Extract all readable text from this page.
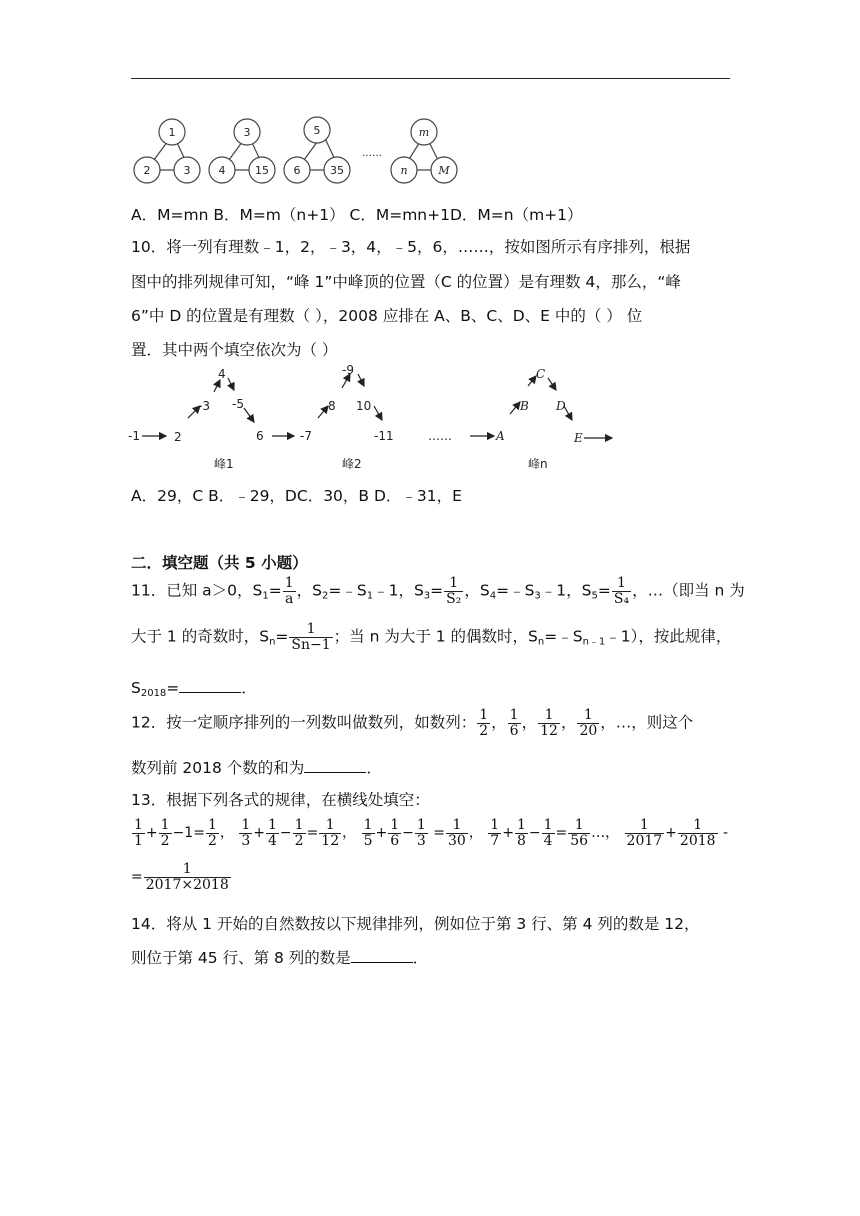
1
2	3
3
4	15
5
6	35
……
m
n	M
A．M=mn B．M=m（n+1） C．M=mn+1D．M=n（m+1）
10．将一列有理数﹣1，2，﹣3，4，﹣5，6，……，按如图所示有序排列，根据
图中的排列规律可知，“峰 1”中峰顶的位置（C 的位置）是有理数 4，那么，“峰
6”中 D 的位置是有理数（ ），2008 应排在 A、B、C、D、E 中的（ ） 位
置．其中两个填空依次为（ ）
-1	2
-3
4
-5
6	-7
8
-9
10
-11	……	A
B
C
D
E
峰1	峰2	峰n
A．29，C B．﹣29，DC．30，B D．﹣31，E
二．填空题（共 5 小题）
11．已知 a＞0，$S_1= \frac{1}{a}$ ，$S_2=﹣S_1﹣1$，$S_3= \frac{1}{\text{S₂}}$ ，$S_4=﹣S_3﹣1$，$S_5= \frac{1}{\text{S₄}}$ ，…（即当 n 为
大于 1 的奇数时，$S_n= \frac{1}{Sn-1}$ ；当 n 为大于 1 的偶数时，$S_n=﹣S_{n﹣1}﹣1$），按此规律，
$S_{2018}=$	．
12．按一定顺序排列的一列数叫做数列，如数列： $\frac{1}{2}$ ， $\frac{1}{6}$ ， $\frac{1}{12}$ ， $\frac{1}{20}$ ，…，则这个
数列前 2018 个数的和为	．
13．根据下列各式的规律，在横线处填空：
$\frac{1}{1} + \frac{1}{2} -1= \frac{1}{2}$ ， $\frac{1}{3} + \frac{1}{4} - \frac{1}{2} = \frac{1}{12}$ ， $\frac{1}{5} + \frac{1}{6} - \frac{1}{3} = \frac{1}{30}$ ， $\frac{1}{7} + \frac{1}{8} - \frac{1}{4} = \frac{1}{56}$ …， $\frac{1}{2017} + \frac{1}{2018}$ ‐
= $\frac{1}{2017\times 2018}$
14．将从 1 开始的自然数按以下规律排列，例如位于第 3 行、第 4 列的数是 12，
则位于第 45 行、第 8 列的数是	．
